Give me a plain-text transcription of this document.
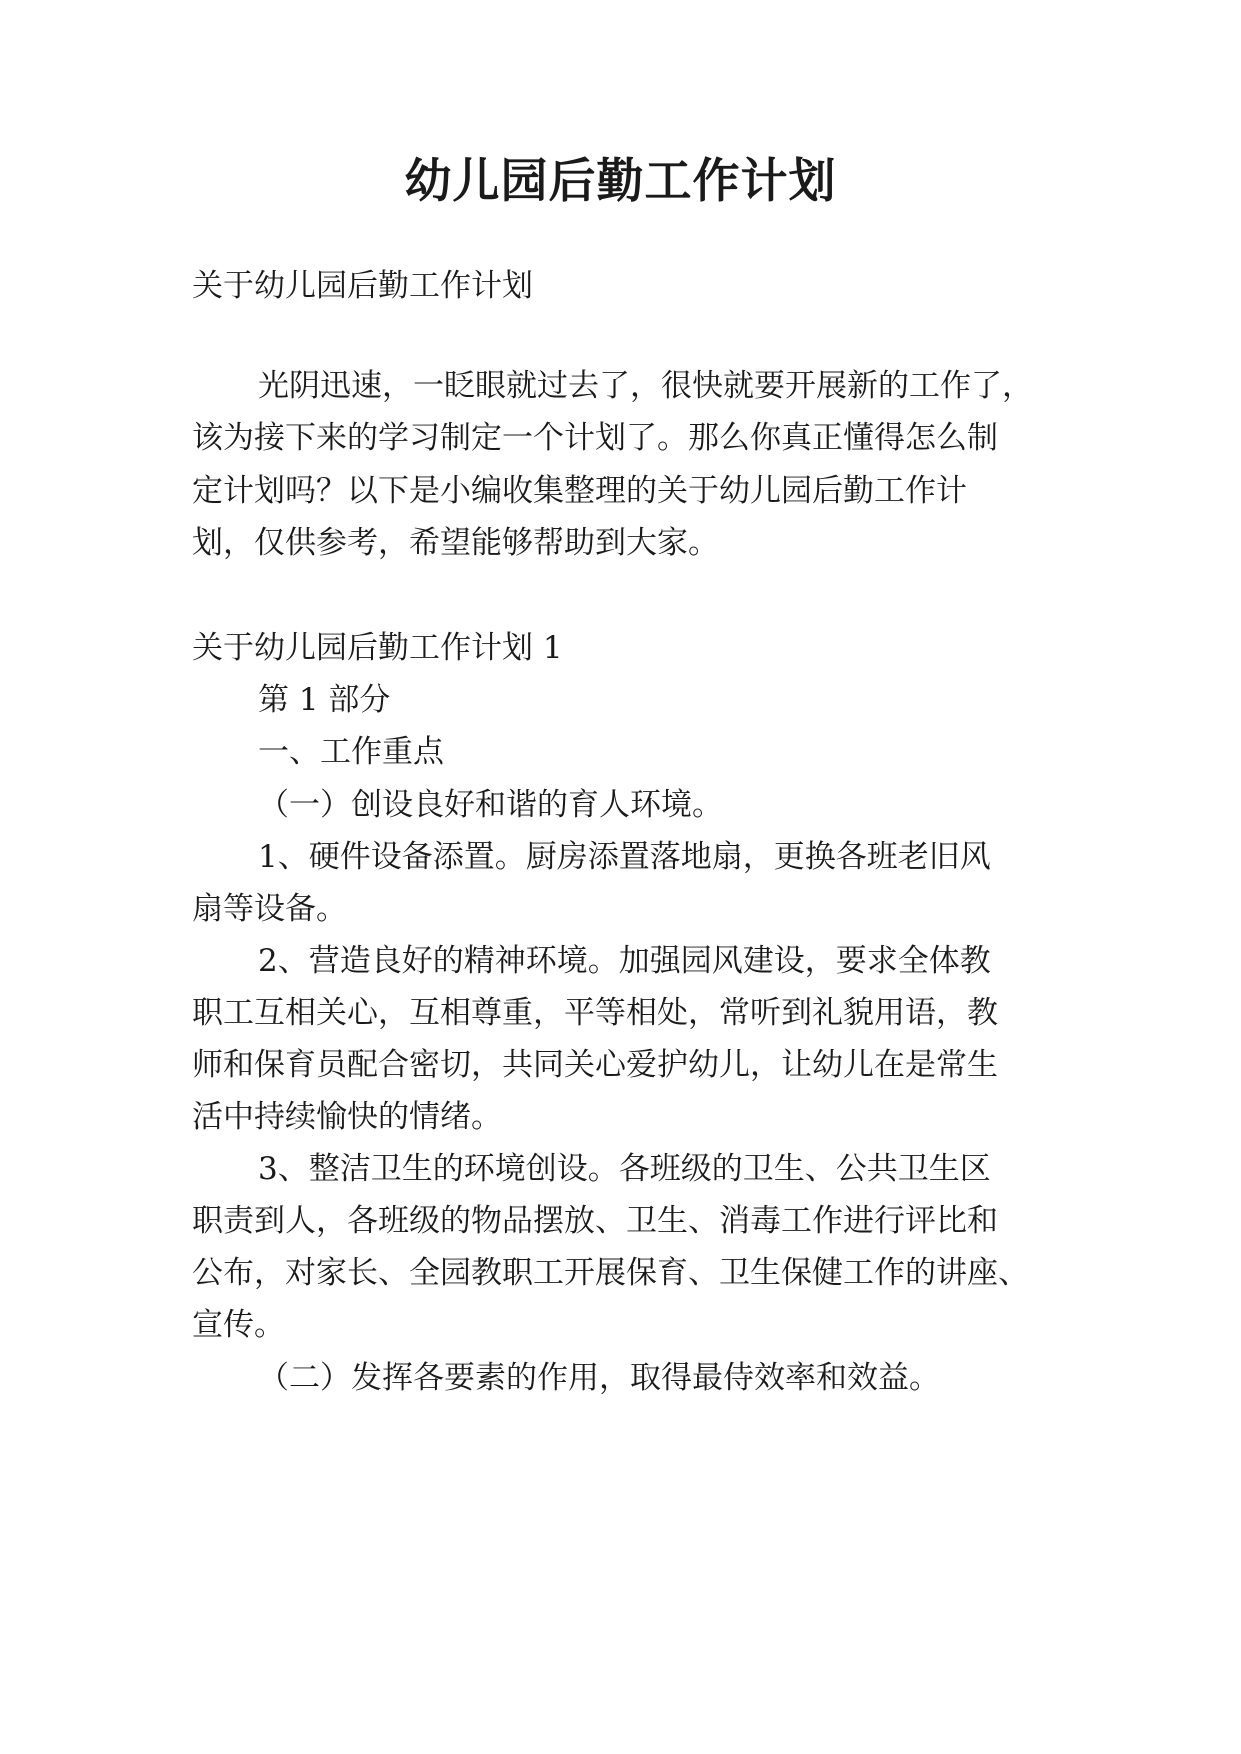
幼儿园后勤工作计划
关于幼儿园后勤工作计划
光阴迅速，一眨眼就过去了，很快就要开展新的工作了，
该为接下来的学习制定一个计划了。那么你真正懂得怎么制
定计划吗？以下是小编收集整理的关于幼儿园后勤工作计
划，仅供参考，希望能够帮助到大家。
关于幼儿园后勤工作计划 1
第 1 部分
一、工作重点
（一）创设良好和谐的育人环境。
1、硬件设备添置。厨房添置落地扇，更换各班老旧风
扇等设备。
2、营造良好的精神环境。加强园风建设，要求全体教
职工互相关心，互相尊重，平等相处，常听到礼貌用语，教
师和保育员配合密切，共同关心爱护幼儿，让幼儿在是常生
活中持续愉快的情绪。
3、整洁卫生的环境创设。各班级的卫生、公共卫生区
职责到人，各班级的物品摆放、卫生、消毒工作进行评比和
公布，对家长、全园教职工开展保育、卫生保健工作的讲座、
宣传。
（二）发挥各要素的作用，取得最侍效率和效益。
